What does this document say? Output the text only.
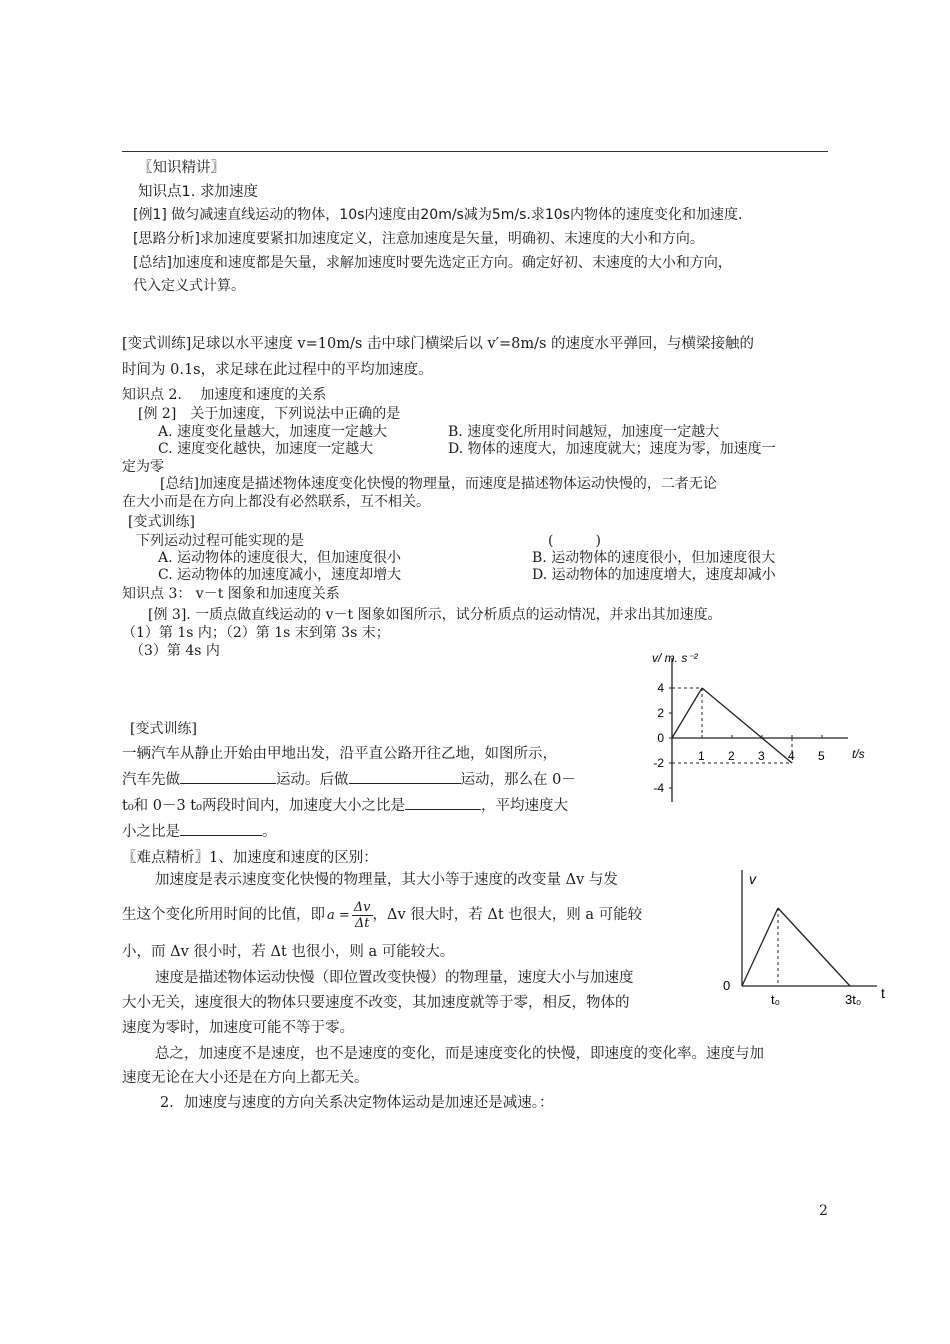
〖知识精讲〗
知识点1. 求加速度
[例1] 做匀减速直线运动的物体，10s内速度由20m/s减为5m/s.求10s内物体的速度变化和加速度.
[思路分析]求加速度要紧扣加速度定义，注意加速度是矢量，明确初、末速度的大小和方向。
[总结]加速度和速度都是矢量，求解加速度时要先选定正方向。确定好初、末速度的大小和方向，
代入定义式计算。
[变式训练]足球以水平速度 v=10m/s 击中球门横梁后以 v′=8m/s 的速度水平弹回，与横梁接触的
时间为 0.1s，求足球在此过程中的平均加速度。
知识点 2.　 加速度和速度的关系
[例 2]　关于加速度，下列说法中正确的是
A. 速度变化量越大，加速度一定越大	B. 速度变化所用时间越短，加速度一定越大
C. 速度变化越快，加速度一定越大	D. 物体的速度大，加速度就大；速度为零，加速度一
定为零
[总结]加速度是描述物体速度变化快慢的物理量，而速度是描述物体运动快慢的，二者无论
在大小而是在方向上都没有必然联系，互不相关。
[变式训练]
下列运动过程可能实现的是	(　　　)
A. 运动物体的速度很大，但加速度很小	B. 运动物体的速度很小，但加速度很大
C. 运动物体的加速度减小，速度却增大	D. 运动物体的加速度增大，速度却减小
知识点 3： v－t 图象和加速度关系
[例 3]. 一质点做直线运动的 v－t 图象如图所示，试分析质点的运动情况，并求出其加速度。
（1）第 1s 内；（2）第 1s 末到第 3s 末；
（3）第 4s 内	v/ m. s⁻²
t/s
-4
-2
0
2
4
1 2 3 4 5
[变式训练]
一辆汽车从静止开始由甲地出发，沿平直公路开往乙地，如图所示，
汽车先做	运动。后做	运动，那么在 0－
t₀和 0－3 t₀两段时间内，加速度大小之比是	，平均速度大
小之比是	。
〖难点精析〗1、加速度和速度的区别：
加速度是表示速度变化快慢的物理量，其大小等于速度的改变量 Δv 与发
生这个变化所用时间的比值，即 $a = \frac{\Delta v}{\Delta t}$ ，Δv 很大时，若 Δt 也很大，则 a 可能较
小，而 Δv 很小时，若 Δt 也很小，则 a 可能较大。
速度是描述物体运动快慢（即位置改变快慢）的物理量，速度大小与加速度
大小无关，速度很大的物体只要速度不改变，其加速度就等于零，相反，物体的
速度为零时，加速度可能不等于零。
总之，加速度不是速度，也不是速度的变化，而是速度变化的快慢，即速度的变化率。速度与加
速度无论在大小还是在方向上都无关。
2．加速度与速度的方向关系决定物体运动是加速还是减速。：
v
0	t
t₀	3t₀
2
